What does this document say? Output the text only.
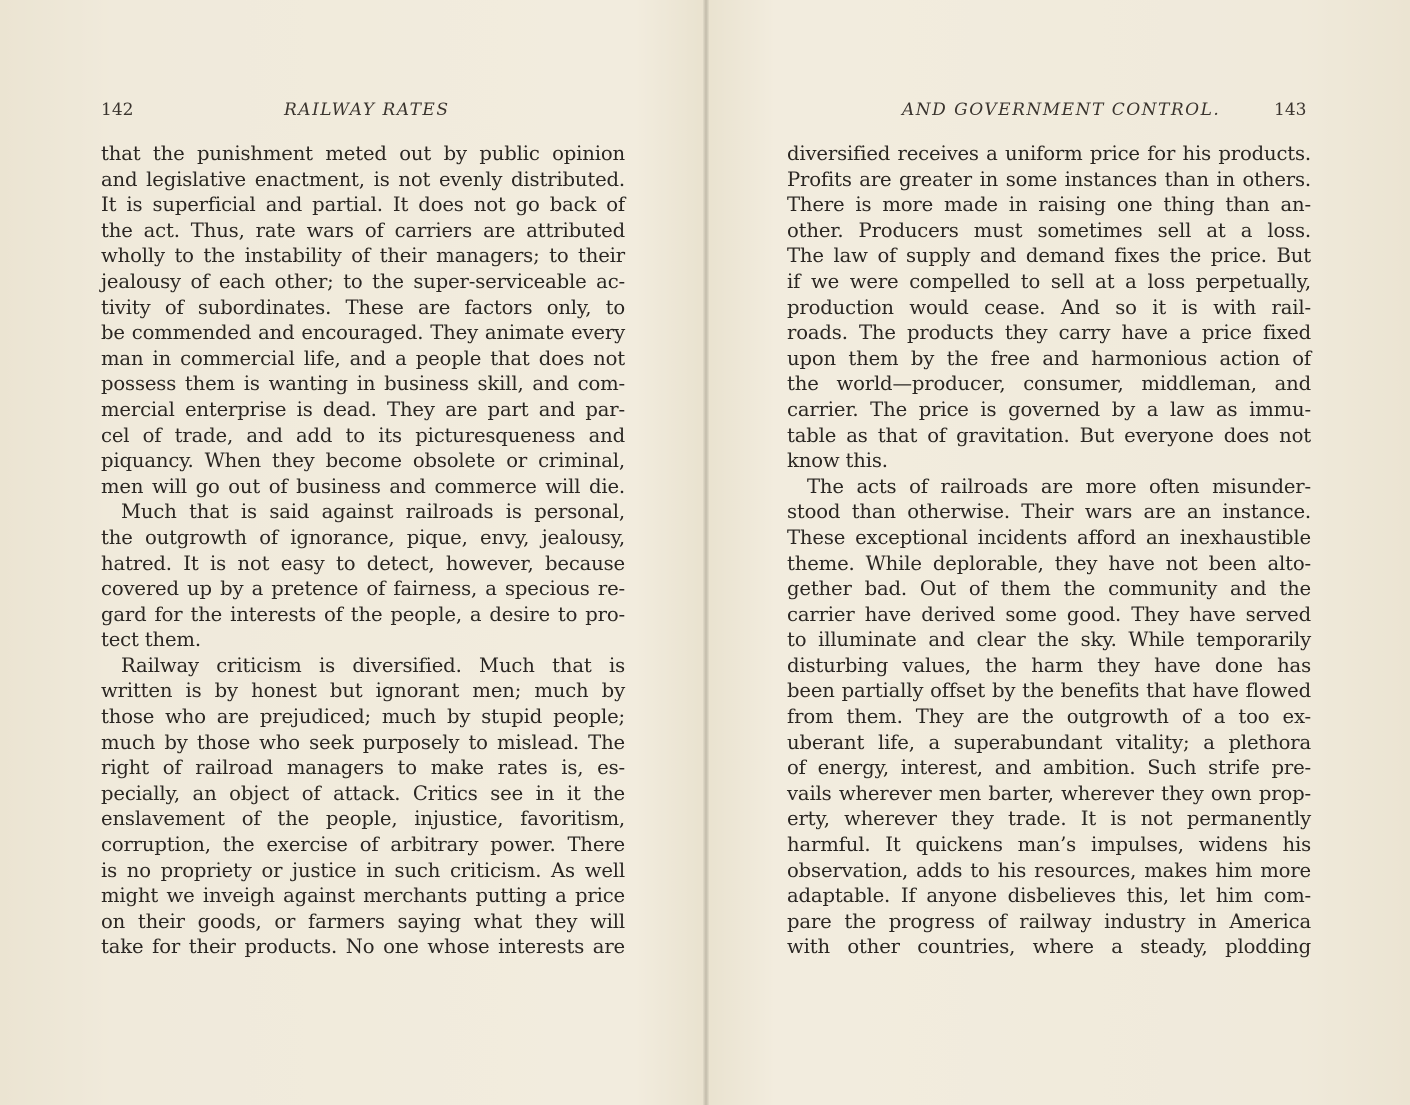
142	RAILWAY RATES
that the punishment meted out by public opinion
and legislative enactment, is not evenly distributed.
It is superficial and partial. It does not go back of
the act. Thus, rate wars of carriers are attributed
wholly to the instability of their managers; to their
jealousy of each other; to the super-serviceable ac-
tivity of subordinates. These are factors only, to
be commended and encouraged. They animate every
man in commercial life, and a people that does not
possess them is wanting in business skill, and com-
mercial enterprise is dead. They are part and par-
cel of trade, and add to its picturesqueness and
piquancy. When they become obsolete or criminal,
men will go out of business and commerce will die.
Much that is said against railroads is personal,
the outgrowth of ignorance, pique, envy, jealousy,
hatred. It is not easy to detect, however, because
covered up by a pretence of fairness, a specious re-
gard for the interests of the people, a desire to pro-
tect them.
Railway criticism is diversified. Much that is
written is by honest but ignorant men; much by
those who are prejudiced; much by stupid people;
much by those who seek purposely to mislead. The
right of railroad managers to make rates is, es-
pecially, an object of attack. Critics see in it the
enslavement of the people, injustice, favoritism,
corruption, the exercise of arbitrary power. There
is no propriety or justice in such criticism. As well
might we inveigh against merchants putting a price
on their goods, or farmers saying what they will
take for their products. No one whose interests are
143
AND GOVERNMENT CONTROL.
diversified receives a uniform price for his products.
Profits are greater in some instances than in others.
There is more made in raising one thing than an-
other. Producers must sometimes sell at a loss.
The law of supply and demand fixes the price. But
if we were compelled to sell at a loss perpetually,
production would cease. And so it is with rail-
roads. The products they carry have a price fixed
upon them by the free and harmonious action of
the world—producer, consumer, middleman, and
carrier. The price is governed by a law as immu-
table as that of gravitation. But everyone does not
know this.
The acts of railroads are more often misunder-
stood than otherwise. Their wars are an instance.
These exceptional incidents afford an inexhaustible
theme. While deplorable, they have not been alto-
gether bad. Out of them the community and the
carrier have derived some good. They have served
to illuminate and clear the sky. While temporarily
disturbing values, the harm they have done has
been partially offset by the benefits that have flowed
from them. They are the outgrowth of a too ex-
uberant life, a superabundant vitality; a plethora
of energy, interest, and ambition. Such strife pre-
vails wherever men barter, wherever they own prop-
erty, wherever they trade. It is not permanently
harmful. It quickens man’s impulses, widens his
observation, adds to his resources, makes him more
adaptable. If anyone disbelieves this, let him com-
pare the progress of railway industry in America
with other countries, where a steady, plodding
